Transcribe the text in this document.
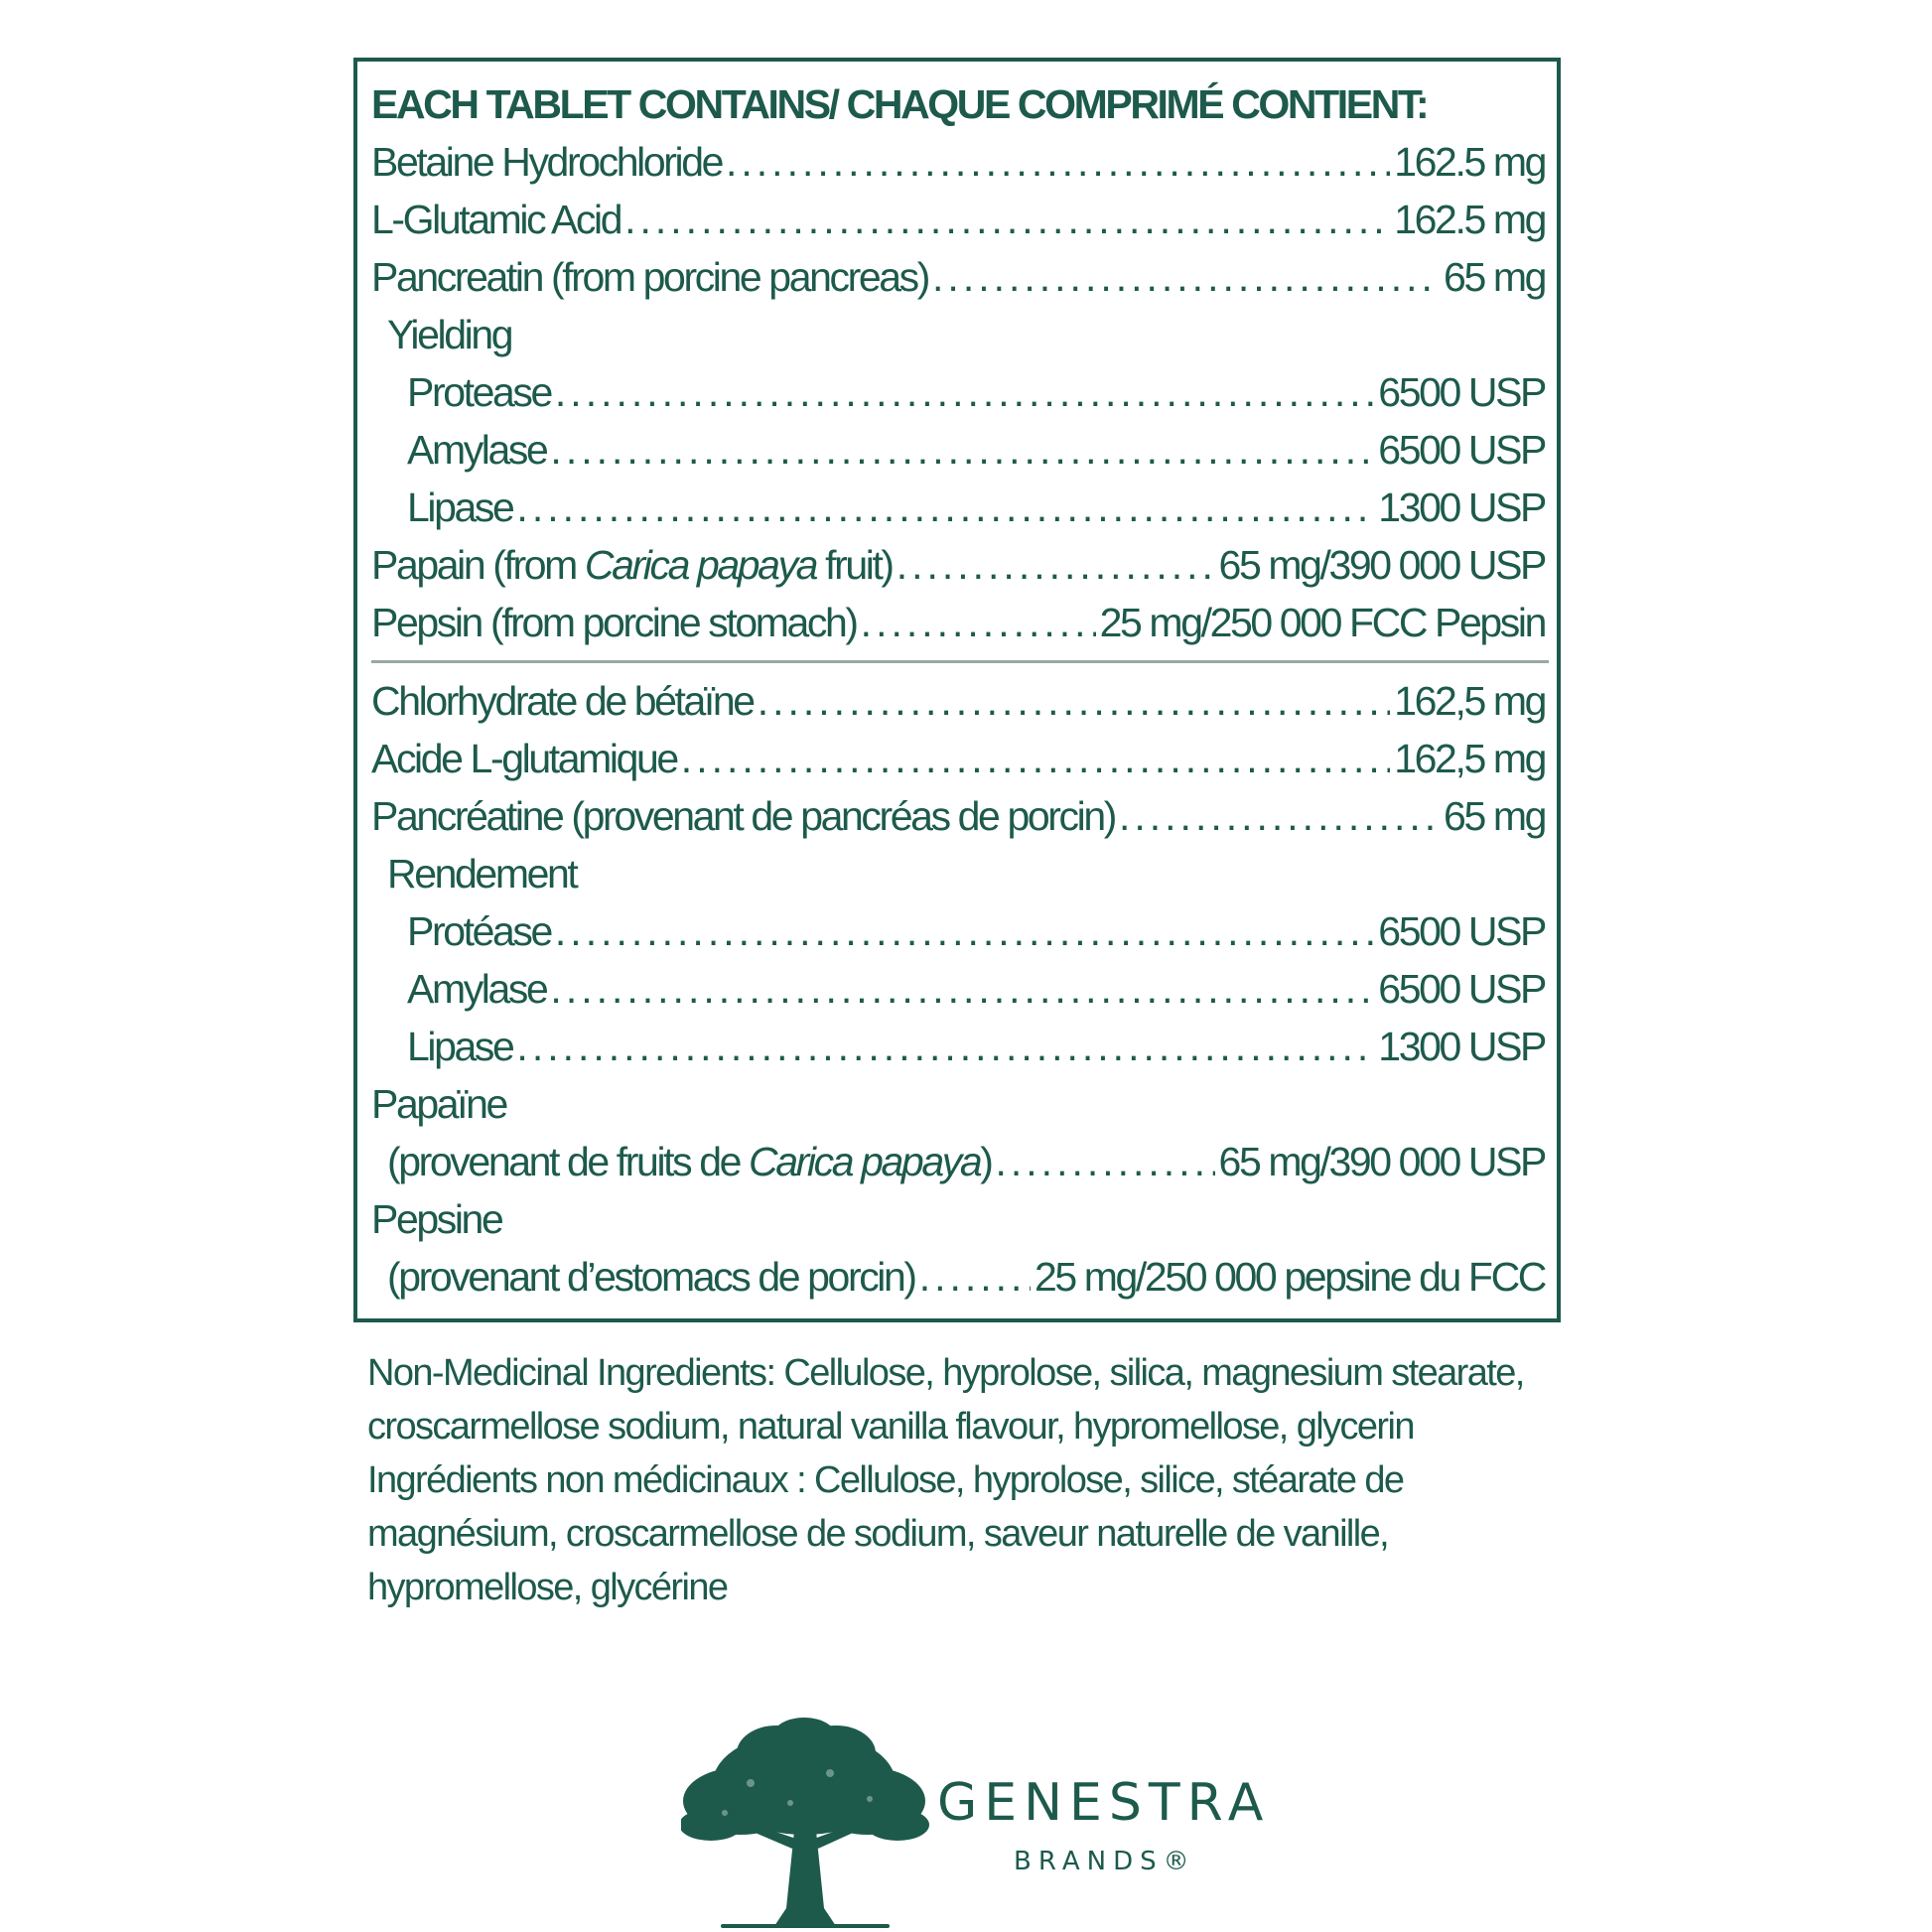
EACH TABLET CONTAINS/ CHAQUE COMPRIMÉ CONTIENT:
Betaine Hydrochloride .....	162.5 mg
L-Glutamic Acid .....	162.5 mg
Pancreatin (from porcine pancreas) .....	65 mg
Yielding
Protease .....	6500 USP
Amylase .....	6500 USP
Lipase .....	1300 USP
Papain (from Carica papaya fruit) .....	65 mg/390 000 USP
Pepsin (from porcine stomach) .....	25 mg/250 000 FCC Pepsin
Chlorhydrate de bétaïne .....	162,5 mg
Acide L-glutamique .....	162,5 mg
Pancréatine (provenant de pancréas de porcin) .....	65 mg
Rendement
Protéase .....	6500 USP
Amylase .....	6500 USP
Lipase .....	1300 USP
Papaïne
(provenant de fruits de Carica papaya) .....	65 mg/390 000 USP
Pepsine
(provenant d’estomacs de porcin) .....	25 mg/250 000 pepsine du FCC

Non-Medicinal Ingredients: Cellulose, hyprolose, silica, magnesium stearate, croscarmellose sodium, natural vanilla flavour, hypromellose, glycerin

Ingrédients non médicinaux : Cellulose, hyprolose, silice, stéarate de magnésium, croscarmellose de sodium, saveur naturelle de vanille, hypromellose, glycérine

GENESTRA
BRANDS®
